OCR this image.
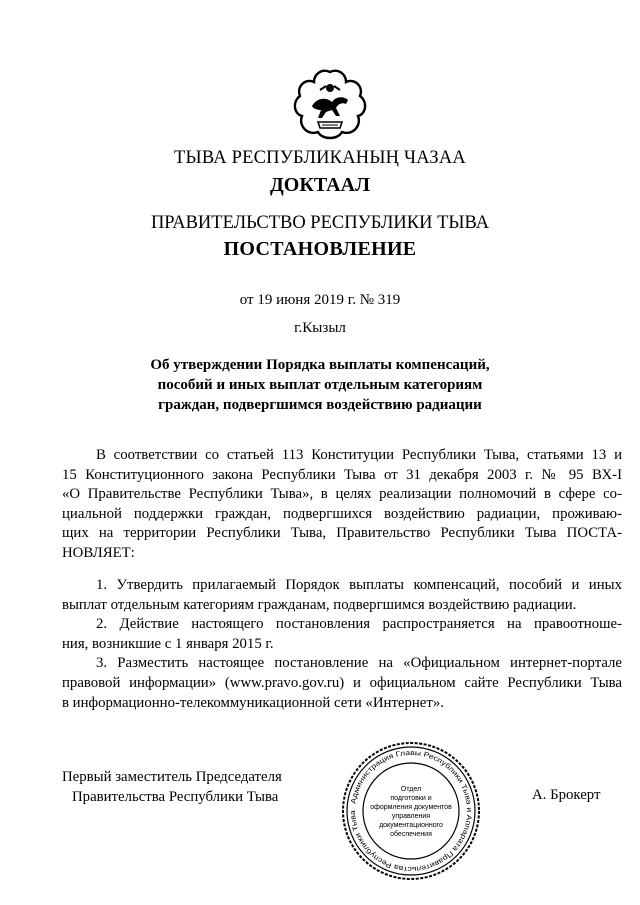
ТЫВА РЕСПУБЛИКАНЫҢ ЧАЗАА
ДОКТААЛ
ПРАВИТЕЛЬСТВО РЕСПУБЛИКИ ТЫВА
ПОСТАНОВЛЕНИЕ
от 19 июня 2019 г. № 319
г.Кызыл
Об утверждении Порядка выплаты компенсаций,
пособий и иных выплат отдельным категориям
граждан, подвергшимся воздействию радиации
В соответствии со статьей 113 Конституции Республики Тыва, статьями 13 и
15 Конституционного закона Республики Тыва от 31 декабря 2003 г. № 95 ВХ-I
«О Правительстве Республики Тыва», в целях реализации полномочий в сфере со-
циальной поддержки граждан, подвергшихся воздействию радиации, проживаю-
щих на территории Республики Тыва, Правительство Республики Тыва ПОСТА-
НОВЛЯЕТ:
1. Утвердить прилагаемый Порядок выплаты компенсаций, пособий и иных
выплат отдельным категориям гражданам, подвергшимся воздействию радиации.
2. Действие настоящего постановления распространяется на правоотноше-
ния, возникшие с 1 января 2015 г.
3. Разместить настоящее постановление на «Официальном интернет-портале
правовой информации» (www.pravo.gov.ru) и официальном сайте Республики Тыва
в информационно-телекоммуникационной сети «Интернет».
Первый заместитель Председателя
Правительства Республики Тыва	А. Брокерт
Администрация Главы Республики Тыва и Аппарата Правительства Республики Тыва
Отдел
подготовки и
оформления документов
управления
документационного
обеспечения
